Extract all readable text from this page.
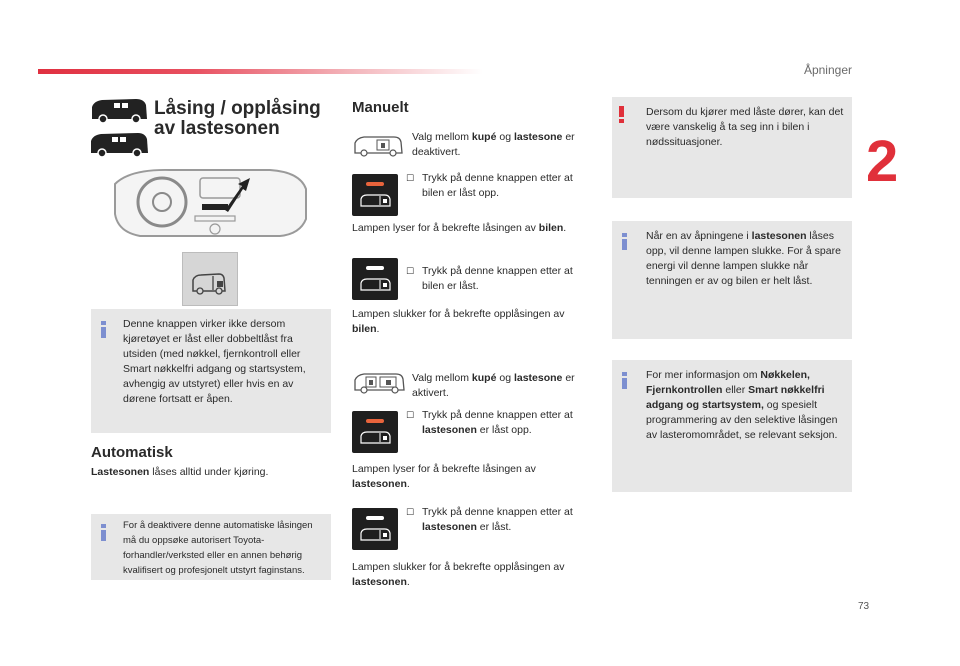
Åpninger
2
73
Låsing / opplåsing
av lastesonen
Denne knappen virker ikke dersom kjøretøyet er låst eller dobbeltlåst fra utsiden (med nøkkel, fjernkontroll eller Smart nøkkelfri adgang og startsystem, avhengig av utstyret) eller hvis en av dørene fortsatt er åpen.
Automatisk
Lastesonen låses alltid under kjøring.
For å deaktivere denne automatiske låsingen må du oppsøke autorisert Toyota-forhandler/verksted eller en annen behørig kvalifisert og profesjonelt utstyrt faginstans.
Manuelt
Valg mellom kupé og lastesone er deaktivert.
☐ Trykk på denne knappen etter at bilen er låst opp.
Lampen lyser for å bekrefte låsingen av bilen.
☐ Trykk på denne knappen etter at bilen er låst.
Lampen slukker for å bekrefte opplåsingen av bilen.
Valg mellom kupé og lastesone er aktivert.
☐ Trykk på denne knappen etter at lastesonen er låst opp.
Lampen lyser for å bekrefte låsingen av lastesonen.
☐ Trykk på denne knappen etter at lastesonen er låst.
Lampen slukker for å bekrefte opplåsingen av lastesonen.
Dersom du kjører med låste dører, kan det være vanskelig å ta seg inn i bilen i nødssituasjoner.
Når en av åpningene i lastesonen låses opp, vil denne lampen slukke. For å spare energi vil denne lampen slukke når tenningen er av og bilen er helt låst.
For mer informasjon om Nøkkelen, Fjernkontrollen eller Smart nøkkelfri adgang og startsystem, og spesielt programmering av den selektive låsingen av lasteromområdet, se relevant seksjon.
